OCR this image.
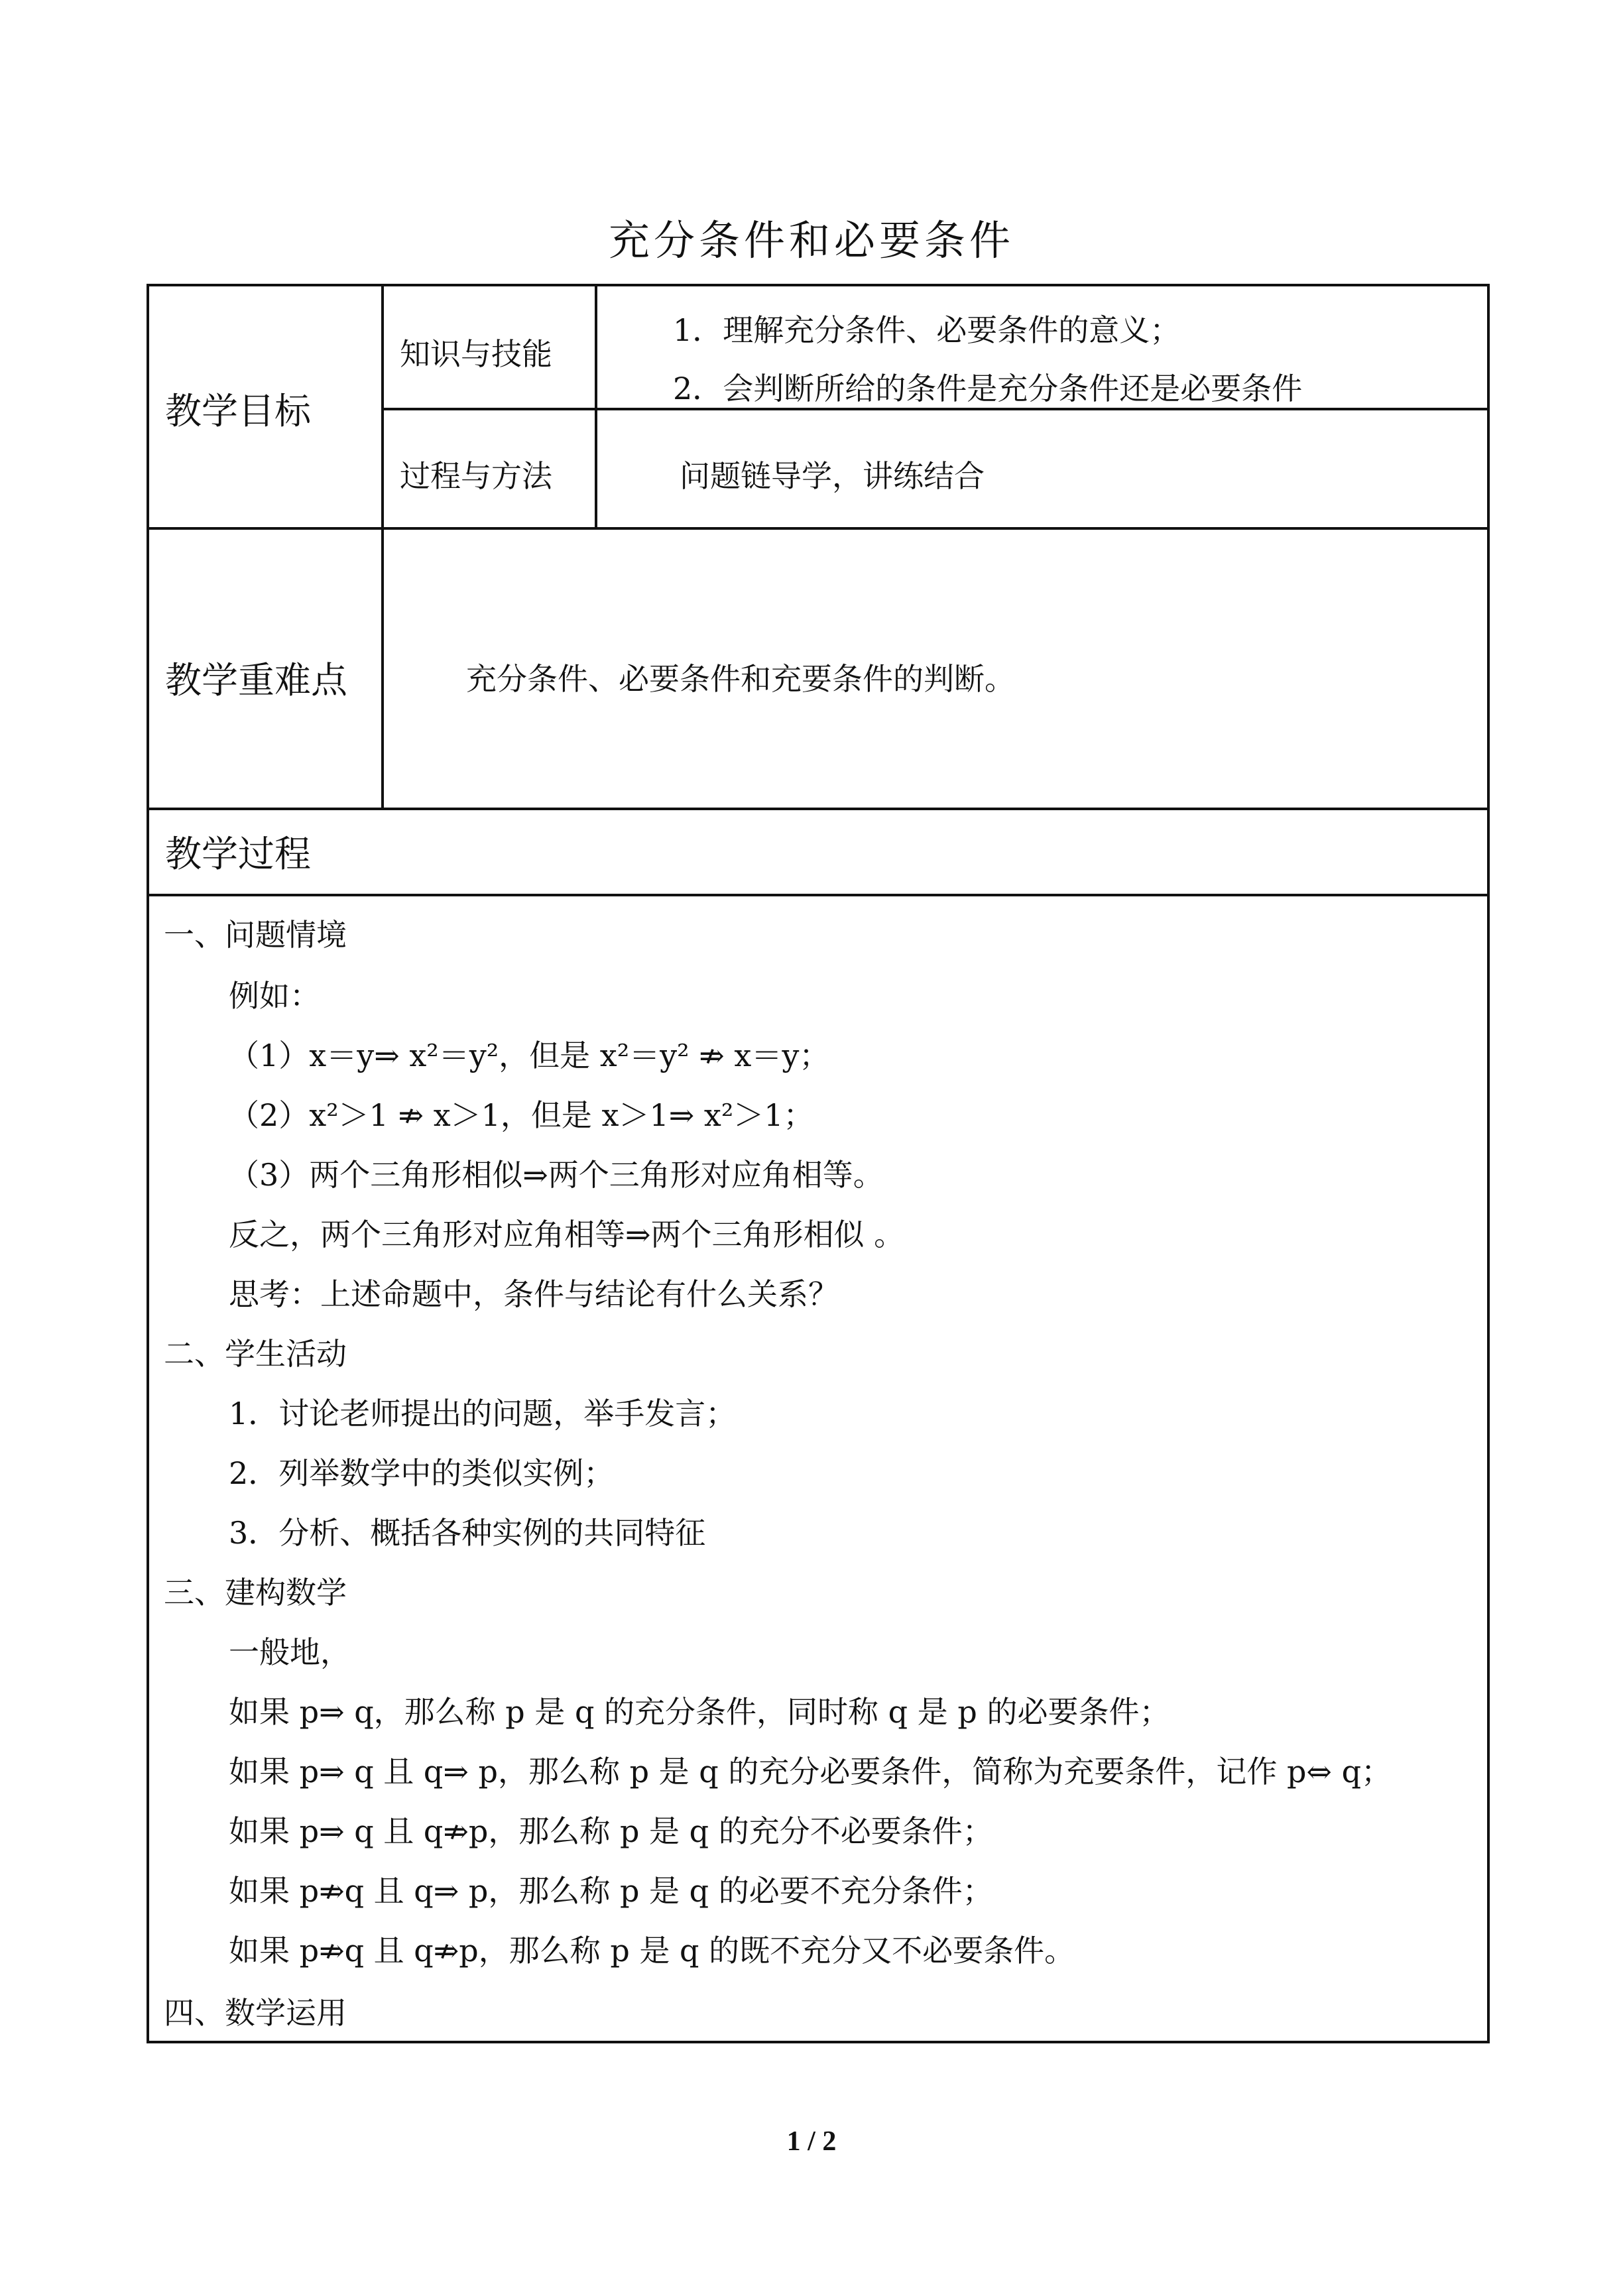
充分条件和必要条件
教学目标
知识与技能
1．理解充分条件、必要条件的意义；
2．会判断所给的条件是充分条件还是必要条件
过程与方法	问题链导学，讲练结合
教学重难点	充分条件、必要条件和充要条件的判断。
教学过程
一、问题情境
例如：
（1）x＝y⇒ x²＝y²，但是 x²＝y² ⇏ x＝y；
（2）x²＞1 ⇏ x＞1，但是 x＞1⇒ x²＞1；
（3）两个三角形相似⇒两个三角形对应角相等。
反之，两个三角形对应角相等⇒两个三角形相似 。
思考：上述命题中，条件与结论有什么关系？
二、学生活动
1．讨论老师提出的问题，举手发言；
2．列举数学中的类似实例；
3．分析、概括各种实例的共同特征
三、建构数学
一般地，
如果 p⇒ q，那么称 p 是 q 的充分条件，同时称 q 是 p 的必要条件；
如果 p⇒ q 且 q⇒ p，那么称 p 是 q 的充分必要条件，简称为充要条件，记作 p⇔ q；
如果 p⇒ q 且 q⇏p，那么称 p 是 q 的充分不必要条件；
如果 p⇏q 且 q⇒ p，那么称 p 是 q 的必要不充分条件；
如果 p⇏q 且 q⇏p，那么称 p 是 q 的既不充分又不必要条件。
四、数学运用
1 / 2
